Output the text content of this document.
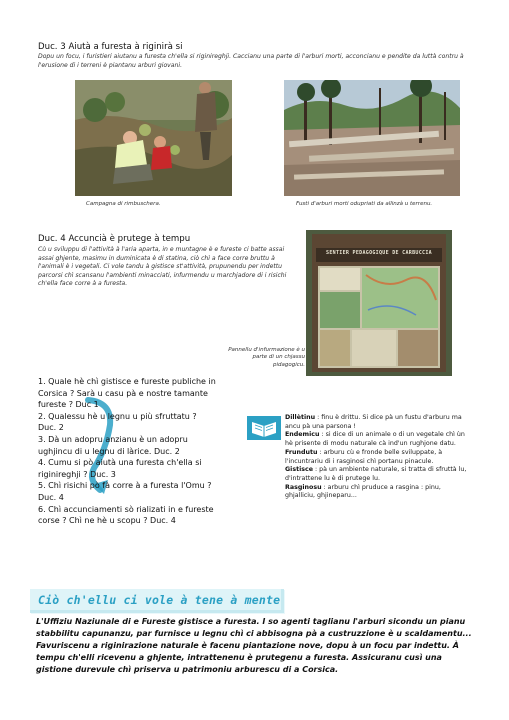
Duc. 3 Aiutà a furesta à riginirà si
Dopu un focu, i furistieri aiutanu a furesta ch'ella si riginireghji. Caccianu una parte di l'arburi morti, acconcianu e pendite da luttà contru à l'erusione di i terreni è piantanu arburi giovani.
Campagna di rimbuschera.	Fusti d'arburi morti odupriati da allinzà u terrenu.
Duc. 4 Accuncià è prutege à tempu
Cù u sviluppu di l'attività à l'aria aparta, in e muntagne è e fureste ci batte assai assai ghjente, masimu in duminicata è di statina, ciò chì a face corre bruttu à l'animali è i vegetali. Ci vole tandu à gistisce st'attività, prupunendu per indettu parcorsi chì scansanu l'ambienti minacciati, infurmendu u marchjadore di i risichi ch'ella face corre à a furesta.
SENTIER PEDAGOGIQUE DE CARBUCCIA
Pannellu d'infurmazione è u parte di un chjassu pidagogicu.
1. Quale hè chì gistisce e fureste publiche in Corsica ? Sarà u casu pà e nostre tamante fureste ? Duc 1
2. Qualessu hè u legnu u più sfruttatu ? Duc. 2
3. Dà un adopru anzianu è un adopru ughjincu di u legnu di làrice. Duc. 2
4. Cumu si pò aiutà una furesta ch'ella si riginireghji ? Duc. 3
5. Chì risichi pò fà corre à a furesta l'Omu ? Duc. 4
6. Chì accunciamenti sò rializati in e fureste corse ? Chì ne hè u scopu ? Duc. 4
Dillètinu : finu è drittu. Si dice pà un fustu d'arburu ma ancu pà una parsona !
Endemicu : si dice di un animale o di un vegetale chì ùn hè prisente di modu naturale cà ind'un rughjone datu.
Frundutu : arburu cù e fronde belle sviluppate, à l'incuntrariu di i rasginosi chì portanu pinacule.
Gistisce : pà un ambiente naturale, si tratta di sfruttà lu, d'intrattene lu è di prutege lu.
Rasginosu : arburu chì pruduce a rasgina : pinu, ghjalliciu, ghjineparu...
Ciò ch'ellu ci vole à tene à mente
L'Uffiziu Naziunale di e Fureste gistisce a furesta. I so agenti taglianu l'arburi sicondu un pianu stabbilitu capunanzu, par furnisce u legnu chì ci abbisogna pà a custruzzione è u scaldamentu... Favuriscenu a riginirazione naturale è facenu piantazione nove, dopu à un focu par indettu. À tempu ch'elli ricevenu a ghjente, intrattenenu è prutegenu a furesta. Assicuranu cusì una gistione durevule chì priserva u patrimoniu arburescu di a Corsica.
